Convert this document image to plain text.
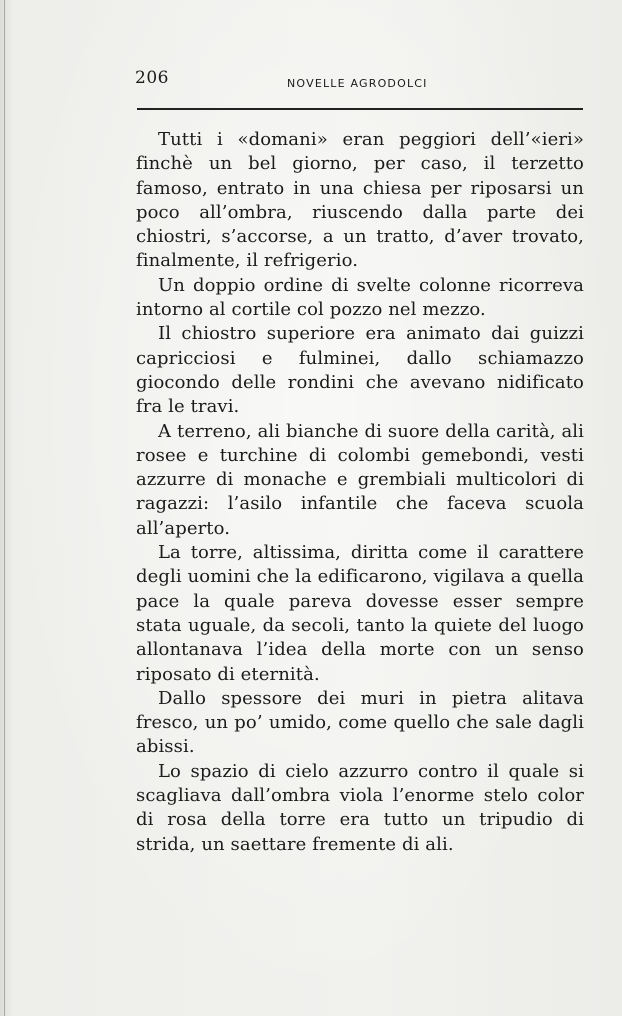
206	NOVELLE AGRODOLCI

Tutti i «domani» eran peggiori dell’«ieri» finchè un bel giorno, per caso, il terzetto famoso, entrato in una chiesa per riposarsi un poco all’ombra, riuscendo dalla parte dei chiostri, s’accorse, a un tratto, d’aver trovato, finalmente, il refrigerio.

Un doppio ordine di svelte colonne ricorreva intorno al cortile col pozzo nel mezzo.

Il chiostro superiore era animato dai guizzi capricciosi e fulminei, dallo schiamazzo giocondo delle rondini che avevano nidificato fra le travi.

A terreno, ali bianche di suore della carità, ali rosee e turchine di colombi gemebondi, vesti azzurre di monache e grembiali multicolori di ragazzi: l’asilo infantile che faceva scuola all’aperto.

La torre, altissima, diritta come il carattere degli uomini che la edificarono, vigilava a quella pace la quale pareva dovesse esser sempre stata uguale, da secoli, tanto la quiete del luogo allontanava l’idea della morte con un senso riposato di eternità.

Dallo spessore dei muri in pietra alitava fresco, un po’ umido, come quello che sale dagli abissi.

Lo spazio di cielo azzurro contro il quale si scagliava dall’ombra viola l’enorme stelo color di rosa della torre era tutto un tripudio di strida, un saettare fremente di ali.
